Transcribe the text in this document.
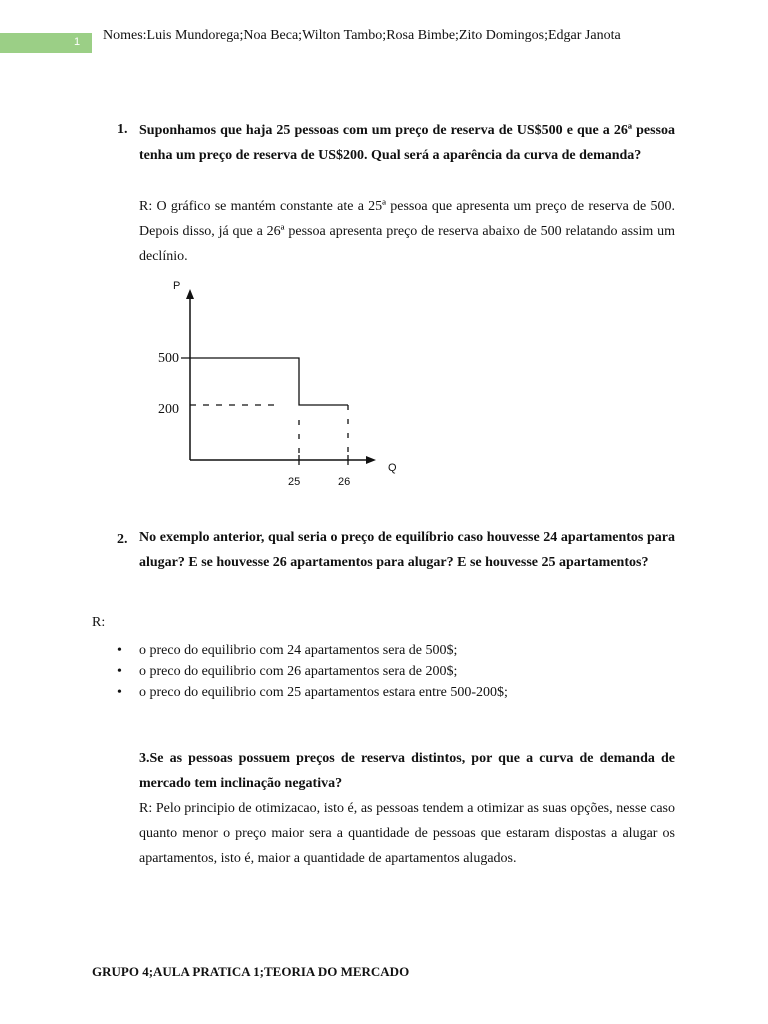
1 Nomes:Luis Mundorega;Noa Beca;Wilton Tambo;Rosa Bimbe;Zito Domingos;Edgar Janota
1. Suponhamos que haja 25 pessoas com um preço de reserva de US$500 e que a 26ª pessoa tenha um preço de reserva de US$200. Qual será a aparência da curva de demanda?
R: O gráfico se mantém constante ate a 25ª pessoa que apresenta um preço de reserva de 500. Depois disso, já que a 26ª pessoa apresenta preço de reserva abaixo de 500 relatando assim um declínio.
P
Q
500
200
25	26
2. No exemplo anterior, qual seria o preço de equilíbrio caso houvesse 24 apartamentos para alugar? E se houvesse 26 apartamentos para alugar? E se houvesse 25 apartamentos?
R:
• o preco do equilibrio com 24 apartamentos sera de 500$;
• o preco do equilibrio com 26 apartamentos sera de 200$;
• o preco do equilibrio com 25 apartamentos estara entre 500-200$;
3.Se as pessoas possuem preços de reserva distintos, por que a curva de demanda de mercado tem inclinação negativa?
R: Pelo principio de otimizacao, isto é, as pessoas tendem a otimizar as suas opções, nesse caso quanto menor o preço maior sera a quantidade de pessoas que estaram dispostas a alugar os apartamentos, isto é, maior a quantidade de apartamentos alugados.
GRUPO 4;AULA PRATICA 1;TEORIA DO MERCADO
